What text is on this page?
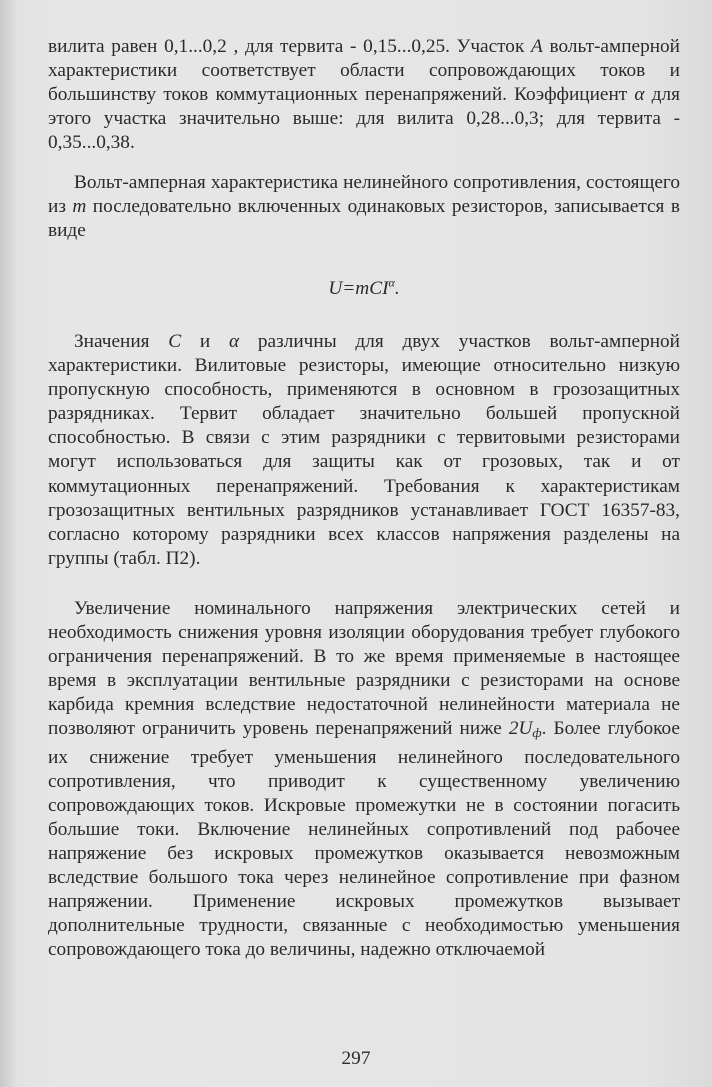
вилита равен 0,1...0,2 , для тервита - 0,15...0,25. Участок A вольт-амперной характеристики соответствует области сопровождающих токов и большинству токов коммутационных перенапряжений. Коэффициент α для этого участка значительно выше: для вилита 0,28...0,3; для тервита - 0,35...0,38.
Вольт-амперная характеристика нелинейного сопротивления, состоящего из m последовательно включенных одинаковых резисторов, записывается в виде
U=mCI$^\alpha$.
Значения C и α различны для двух участков вольт-амперной характеристики. Вилитовые резисторы, имеющие относительно низкую пропускную способность, применяются в основном в грозозащитных разрядниках. Тервит обладает значительно большей пропускной способностью. В связи с этим разрядники с тервитовыми резисторами могут использоваться для защиты как от грозовых, так и от коммутационных перенапряжений. Требования к характеристикам грозозащитных вентильных разрядников устанавливает ГОСТ 16357-83, согласно которому разрядники всех классов напряжения разделены на группы (табл. П2).
Увеличение номинального напряжения электрических сетей и необходимость снижения уровня изоляции оборудования требует глубокого ограничения перенапряжений. В то же время применяемые в настоящее время в эксплуатации вентильные разрядники с резисторами на основе карбида кремния вследствие недостаточной нелинейности материала не позволяют ограничить уровень перенапряжений ниже 2Uф. Более глубокое их снижение требует уменьшения нелинейного последовательного сопротивления, что приводит к существенному увеличению сопровождающих токов. Искровые промежутки не в состоянии погасить большие токи. Включение нелинейных сопротивлений под рабочее напряжение без искровых промежутков оказывается невозможным вследствие большого тока через нелинейное сопротивление при фазном напряжении. Применение искровых промежутков вызывает дополнительные трудности, связанные с необходимостью уменьшения сопровождающего тока до величины, надежно отключаемой
297
